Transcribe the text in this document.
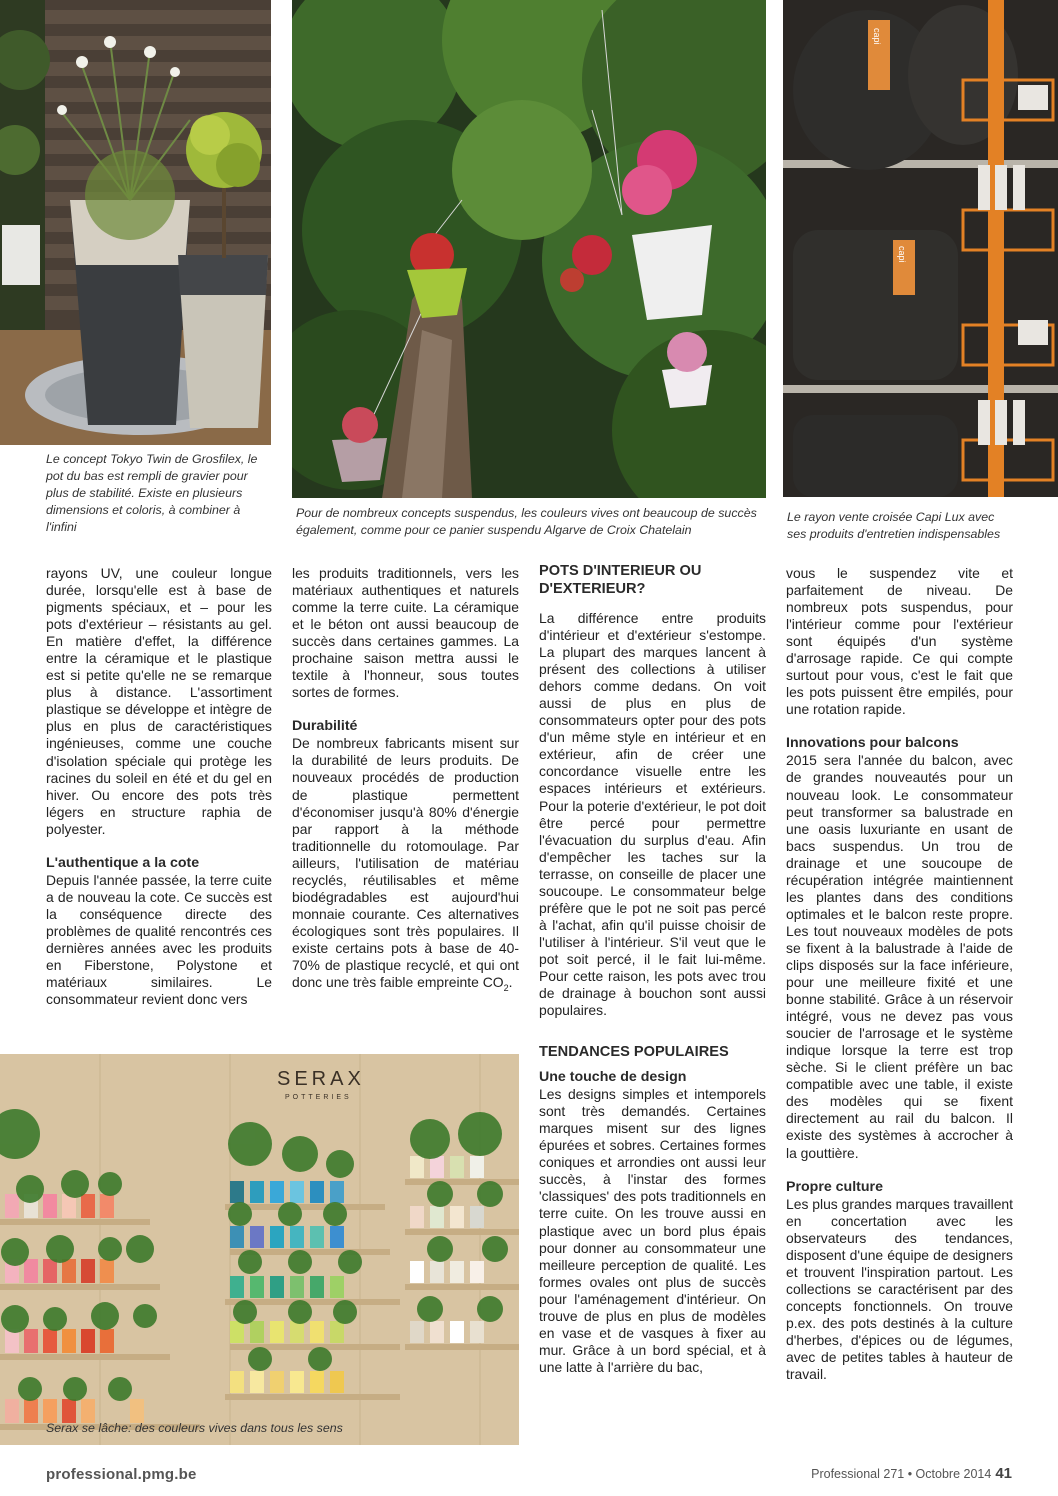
Le concept Tokyo Twin de Grosfilex, le pot du bas est rempli de gravier pour plus de stabilité. Existe en plusieurs dimensions et coloris, à combiner à l'infini

Pour de nombreux concepts suspendus, les couleurs vives ont beaucoup de succès également, comme pour ce panier suspendu Algarve de Croix Chatelain

capi
capi

Le rayon vente croisée Capi Lux avec ses produits d'entretien indispensables

SERAX
POTTERIES

Serax se lâche: des couleurs vives dans tous les sens

rayons UV, une couleur longue durée, lorsqu'elle est à base de pigments spéciaux, et – pour les pots d'extérieur – résistants au gel. En matière d'effet, la différence entre la céramique et le plastique est si petite qu'elle ne se remarque plus à distance. L'assortiment plastique se développe et intègre de plus en plus de caractéristiques ingénieuses, comme une couche d'isolation spéciale qui protège les racines du soleil en été et du gel en hiver. Ou encore des pots très légers en structure raphia de polyester.

L'authentique a la cote

Depuis l'année passée, la terre cuite a de nouveau la cote. Ce succès est la conséquence directe des problèmes de qualité rencontrés ces dernières années avec les produits en Fiberstone, Polystone et matériaux similaires. Le consommateur revient donc vers

les produits traditionnels, vers les matériaux authentiques et naturels comme la terre cuite. La céramique et le béton ont aussi beaucoup de succès dans certaines gammes. La prochaine saison mettra aussi le textile à l'honneur, sous toutes sortes de formes.

Durabilité

De nombreux fabricants misent sur la durabilité de leurs produits. De nouveaux procédés de production de plastique permettent d'économiser jusqu'à 80% d'énergie par rapport à la méthode traditionnelle du rotomoulage. Par ailleurs, l'utilisation de matériau recyclés, réutilisables et même biodégradables est aujourd'hui monnaie courante. Ces alternatives écologiques sont très populaires. Il existe certains pots à base de 40-70% de plastique recyclé, et qui ont donc une très faible empreinte $CO_2$.

POTS D'INTERIEUR OU D'EXTERIEUR?

La différence entre produits d'intérieur et d'extérieur s'estompe. La plupart des marques lancent à présent des collections à utiliser dehors comme dedans. On voit aussi de plus en plus de consommateurs opter pour des pots d'un même style en intérieur et en extérieur, afin de créer une concordance visuelle entre les espaces intérieurs et extérieurs. Pour la poterie d'extérieur, le pot doit être percé pour permettre l'évacuation du surplus d'eau. Afin d'empêcher les taches sur la terrasse, on conseille de placer une soucoupe. Le consommateur belge préfère que le pot ne soit pas percé à l'achat, afin qu'il puisse choisir de l'utiliser à l'intérieur. S'il veut que le pot soit percé, il le fait lui-même. Pour cette raison, les pots avec trou de drainage à bouchon sont aussi populaires.

TENDANCES POPULAIRES
Une touche de design

Les designs simples et intemporels sont très demandés. Certaines marques misent sur des lignes épurées et sobres. Certaines formes coniques et arrondies ont aussi leur succès, à l'instar des formes 'classiques' des pots traditionnels en terre cuite. On les trouve aussi en plastique avec un bord plus épais pour donner au consommateur une meilleure perception de qualité. Les formes ovales ont plus de succès pour l'aménagement d'intérieur. On trouve de plus en plus de modèles en vase et de vasques à fixer au mur. Grâce à un bord spécial, et à une latte à l'arrière du bac,

vous le suspendez vite et parfaitement de niveau. De nombreux pots suspendus, pour l'intérieur comme pour l'extérieur sont équipés d'un système d'arrosage rapide. Ce qui compte surtout pour vous, c'est le fait que les pots puissent être empilés, pour une rotation rapide.

Innovations pour balcons

2015 sera l'année du balcon, avec de grandes nouveautés pour un nouveau look. Le consommateur peut transformer sa balustrade en une oasis luxuriante en usant de bacs suspendus. Un trou de drainage et une soucoupe de récupération intégrée maintiennent les plantes dans des conditions optimales et le balcon reste propre. Les tout nouveaux modèles de pots se fixent à la balustrade à l'aide de clips disposés sur la face inférieure, pour une meilleure fixité et une bonne stabilité. Grâce à un réservoir intégré, vous ne devez pas vous soucier de l'arrosage et le système indique lorsque la terre est trop sèche. Si le client préfère un bac compatible avec une table, il existe des modèles qui se fixent directement au rail du balcon. Il existe des systèmes à accrocher à la gouttière.

Propre culture

Les plus grandes marques travaillent en concertation avec les observateurs des tendances, disposent d'une équipe de designers et trouvent l'inspiration partout. Les collections se caractérisent par des concepts fonctionnels. On trouve p.ex. des pots destinés à la culture d'herbes, d'épices ou de légumes, avec de petites tables à hauteur de travail.

professional.pmg.be	Professional 271 • Octobre 2014 41
